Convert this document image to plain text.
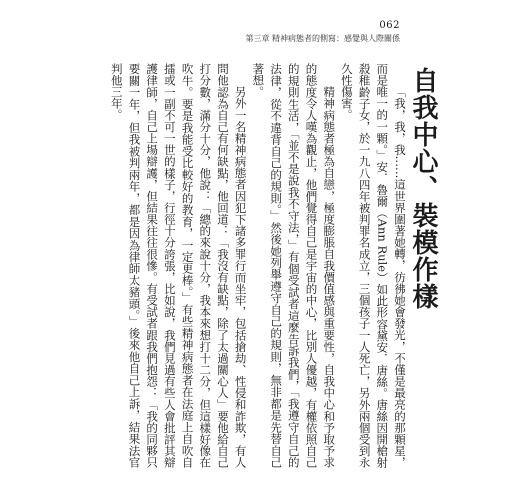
062
第三章 精神病態者的側寫：感覺與人際關係
自我中心、裝模作樣

「我，我，我……這世界圍著她轉，彷彿她會發光，不僅是最亮的那顆星，而是唯一的一顆。」安．魯爾（Ann Rule）如此形容黛安．唐絲。唐絲因開槍射殺稚齡子女，於一九八四年被判罪名成立，三個孩子一人死亡，另外兩個受到永久性傷害。

精神病態者極為自戀，極度膨脹自我價值感與重要性，自我中心和予取予求的態度令人嘆為觀止，他們覺得自己是宇宙的中心，比別人優越，有權依照自己的規則生活，「並不是說我不守法，」有個受試者這麼告訴我們，「我遵守自己的法律，從不違背自己的規則。」然後她列舉遵守自己的規則，無非都是先替自己著想。

另外一名精神病態者因犯下諸多罪行而坐牢，包括搶劫、性侵和詐欺，有人問他認為自己有何缺點，他回道：「我沒有缺點，除了太過關心人」要他給自己打分數，滿分十分，他說：「總的來說十分，我本來想打十二分，但這樣好像在吹牛。要是我能受比較好的教育，一定更棒。」有些精神病態者在法庭上自吹自擂或一副不可一世的樣子，行徑十分誇張，比如說，我們見過有些人會批評其辯護律師，自己上場辯護，但結果往往很慘。有受試者跟我們抱怨：「我的同夥只要關一年，但我被判兩年，都是因為律師太豬頭。」後來他自己上訴，結果法官判他三年。
